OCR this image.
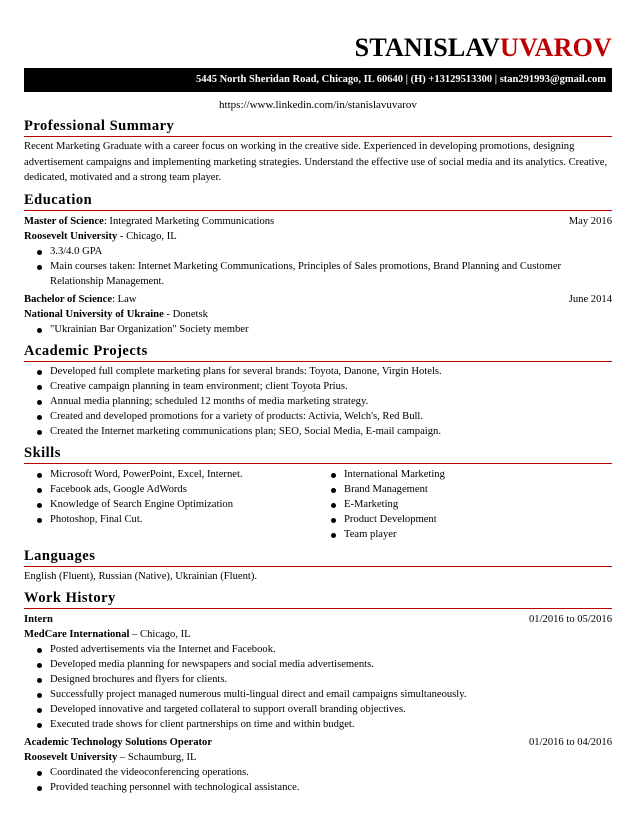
STANISLAVUVAROV
5445 North Sheridan Road, Chicago, IL 60640 | (H) +13129513300 | stan291993@gmail.com
https://www.linkedin.com/in/stanislavuvarov
Professional Summary
Recent Marketing Graduate with a career focus on working in the creative side. Experienced in developing promotions, designing advertisement campaigns and implementing marketing strategies. Understand the effective use of social media and its analytics. Creative, dedicated, motivated and a strong team player.
Education
Master of Science: Integrated Marketing Communications	May 2016
Roosevelt University - Chicago, IL
3.3/4.0 GPA
Main courses taken: Internet Marketing Communications, Principles of Sales promotions, Brand Planning and Customer Relationship Management.
Bachelor of Science: Law	June 2014
National University of Ukraine - Donetsk
"Ukrainian Bar Organization" Society member
Academic Projects
Developed full complete marketing plans for several brands: Toyota, Danone, Virgin Hotels.
Creative campaign planning in team environment; client Toyota Prius.
Annual media planning; scheduled 12 months of media marketing strategy.
Created and developed promotions for a variety of products: Activia, Welch's, Red Bull.
Created the Internet marketing communications plan; SEO, Social Media, E-mail campaign.
Skills
Microsoft Word, PowerPoint, Excel, Internet.
Facebook ads, Google AdWords
Knowledge of Search Engine Optimization
Photoshop, Final Cut.
International Marketing
Brand Management
E-Marketing
Product Development
Team player
Languages
English (Fluent), Russian (Native), Ukrainian (Fluent).
Work History
Intern	01/2016 to 05/2016
MedCare International – Chicago, IL
Posted advertisements via the Internet and Facebook.
Developed media planning for newspapers and social media advertisements.
Designed brochures and flyers for clients.
Successfully project managed numerous multi-lingual direct and email campaigns simultaneously.
Developed innovative and targeted collateral to support overall branding objectives.
Executed trade shows for client partnerships on time and within budget.
Academic Technology Solutions Operator	01/2016 to 04/2016
Roosevelt University – Schaumburg, IL
Coordinated the videoconferencing operations.
Provided teaching personnel with technological assistance.
